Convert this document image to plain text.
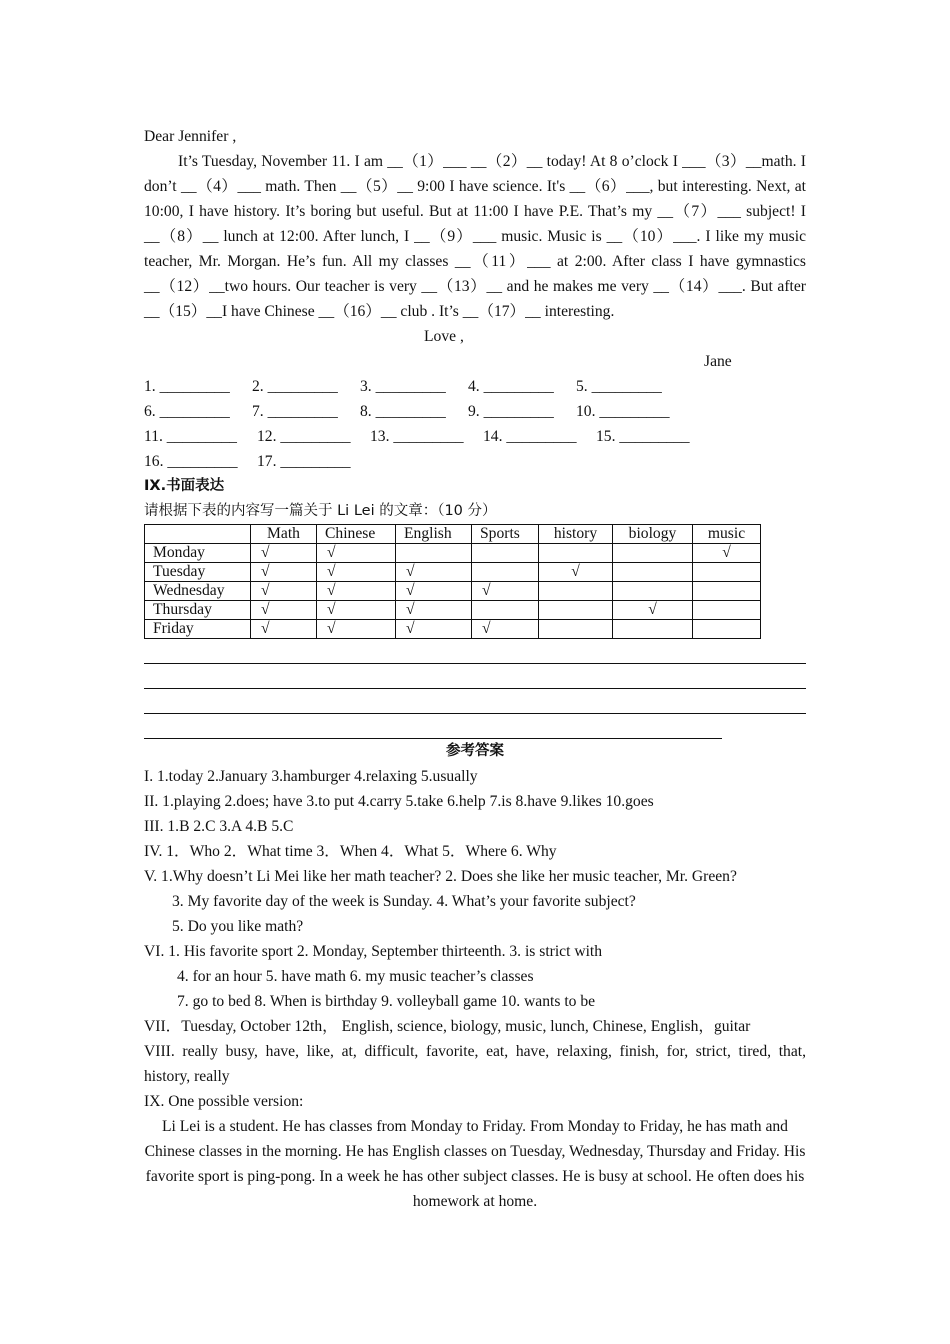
Dear Jennifer ,
It’s Tuesday, November 11. I am __（1）___ __（2）__ today! At 8 o’clock I ___（3）__math. I
don’t __（4）___ math. Then __（5）__ 9:00 I have science. It's __（6）___, but interesting. Next, at
10:00, I have history. It’s boring but useful. But at 11:00 I have P.E. That’s my __（7）___ subject! I
__（8）__ lunch at 12:00. After lunch, I __（9）___ music. Music is __（10）___. I like my music
teacher, Mr. Morgan. He’s fun. All my classes __（11）___ at 2:00. After class I have gymnastics
__（12）__two hours. Our teacher is very __（13）__ and he makes me very __（14）___. But after
__（15）__I have Chinese __（16）__ club . It’s __（17）__ interesting.
Love ,
Jane
1. _________ 2. _________ 3. _________ 4. _________ 5. _________
6. _________ 7. _________ 8. _________ 9. _________ 10. _________
11. _________ 12. _________ 13. _________ 14. _________ 15. _________
16. _________ 17. _________
IX.书面表达
请根据下表的内容写一篇关于 Li Lei 的文章：（10 分）
	Math	Chinese	English	Sports	history	biology	music
Monday	√	√					√
Tuesday	√	√	√		√		
Wednesday	√	√	√	√			
Thursday	√	√	√			√	
Friday	√	√	√	√			
参考答案
I. 1.today 2.January 3.hamburger 4.relaxing 5.usually
II. 1.playing 2.does; have 3.to put 4.carry 5.take 6.help 7.is 8.have 9.likes 10.goes
III. 1.B 2.C 3.A 4.B 5.C
IV. 1．Who 2．What time 3．When 4．What 5．Where 6. Why
V. 1.Why doesn’t Li Mei like her math teacher? 2. Does she like her music teacher, Mr. Green?
3. My favorite day of the week is Sunday. 4. What’s your favorite subject?
5. Do you like math?
VI. 1. His favorite sport 2. Monday, September thirteenth. 3. is strict with
4. for an hour 5. have math 6. my music teacher’s classes
7. go to bed 8. When is birthday 9. volleyball game 10. wants to be
VII．Tuesday, October 12th， English, science, biology, music, lunch, Chinese, English，guitar
VIII. really busy, have, like, at, difficult, favorite, eat, have, relaxing, finish, for, strict, tired, that,
history, really
IX. One possible version:
Li Lei is a student. He has classes from Monday to Friday. From Monday to Friday, he has math and Chinese classes in the morning. He has English classes on Tuesday, Wednesday, Thursday and Friday. His favorite sport is ping-pong. In a week he has other subject classes. He is busy at school. He often does his homework at home.
